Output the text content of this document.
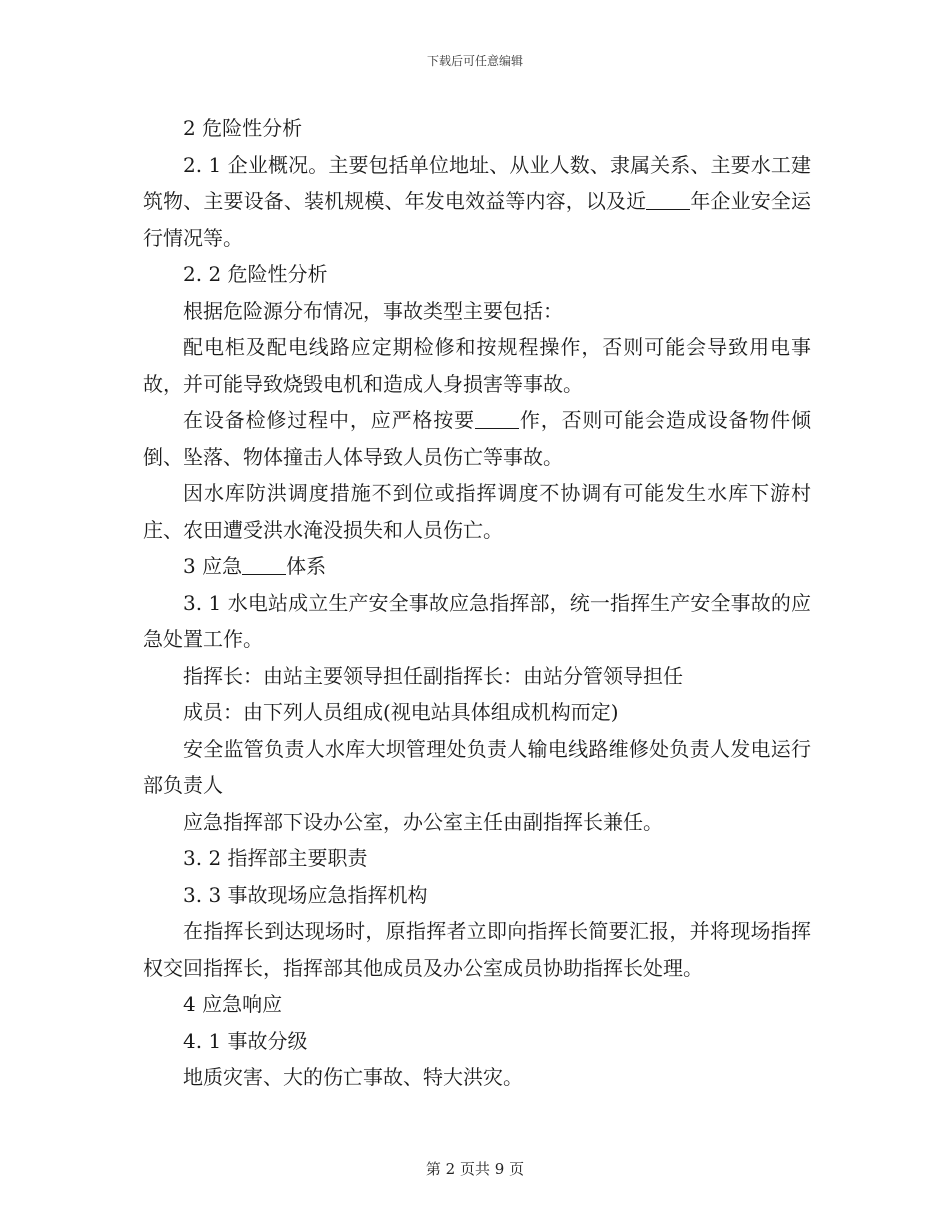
下载后可任意编辑

2 危险性分析

2. 1 企业概况。主要包括单位地址、从业人数、隶属关系、主要水工建筑物、主要设备、装机规模、年发电效益等内容，以及近 年企业安全运行情况等。

2. 2 危险性分析

根据危险源分布情况，事故类型主要包括：

配电柜及配电线路应定期检修和按规程操作，否则可能会导致用电事故，并可能导致烧毁电机和造成人身损害等事故。

在设备检修过程中，应严格按要 作，否则可能会造成设备物件倾倒、坠落、物体撞击人体导致人员伤亡等事故。

因水库防洪调度措施不到位或指挥调度不协调有可能发生水库下游村庄、农田遭受洪水淹没损失和人员伤亡。

3 应急 体系

3. 1 水电站成立生产安全事故应急指挥部，统一指挥生产安全事故的应急处置工作。

指挥长：由站主要领导担任副指挥长：由站分管领导担任

成员：由下列人员组成(视电站具体组成机构而定)

安全监管负责人水库大坝管理处负责人输电线路维修处负责人发电运行部负责人

应急指挥部下设办公室，办公室主任由副指挥长兼任。

3. 2 指挥部主要职责

3. 3 事故现场应急指挥机构

在指挥长到达现场时，原指挥者立即向指挥长简要汇报，并将现场指挥权交回指挥长，指挥部其他成员及办公室成员协助指挥长处理。

4 应急响应

4. 1 事故分级

地质灾害、大的伤亡事故、特大洪灾。

第 2 页共 9 页
